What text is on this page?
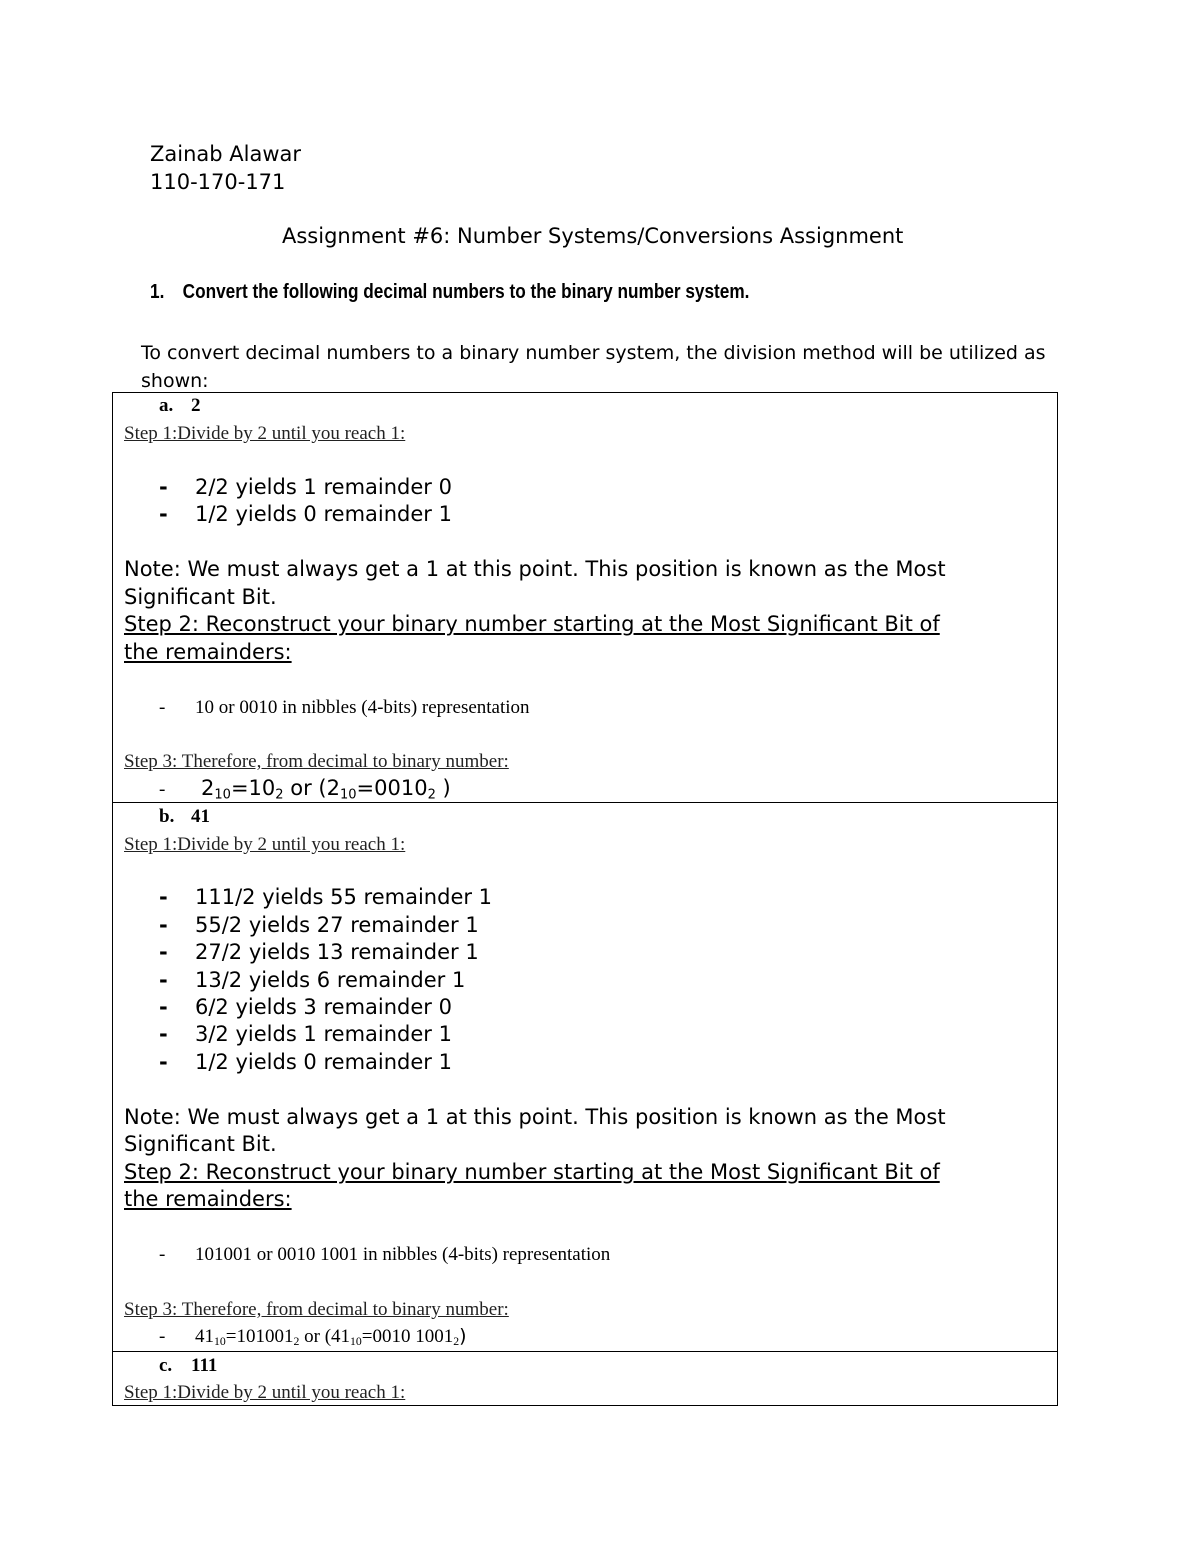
Zainab Alawar
110-170-171
Assignment #6: Number Systems/Conversions Assignment
1. Convert the following decimal numbers to the binary number system.
To convert decimal numbers to a binary number system, the division method will be utilized as shown:
a. 2
Step 1:Divide by 2 until you reach 1:
- 2/2 yields 1 remainder 0
- 1/2 yields 0 remainder 1
Note: We must always get a 1 at this point. This position is known as the Most
Significant Bit.
Step 2: Reconstruct your binary number starting at the Most Significant Bit of
the remainders:
- 10 or 0010 in nibbles (4-bits) representation
Step 3: Therefore, from decimal to binary number:
- $2_{10}=10_2$ or ($2_{10}=0010_2$ )

b. 41
Step 1:Divide by 2 until you reach 1:
- 111/2 yields 55 remainder 1
- 55/2 yields 27 remainder 1
- 27/2 yields 13 remainder 1
- 13/2 yields 6 remainder 1
- 6/2 yields 3 remainder 0
- 3/2 yields 1 remainder 1
- 1/2 yields 0 remainder 1
Note: We must always get a 1 at this point. This position is known as the Most
Significant Bit.
Step 2: Reconstruct your binary number starting at the Most Significant Bit of
the remainders:
- 101001 or 0010 1001 in nibbles (4-bits) representation
Step 3: Therefore, from decimal to binary number:
- $41_{10}=101001_2$ or ($41_{10}=0010$ $1001_2$)

c. 111
Step 1:Divide by 2 until you reach 1:
